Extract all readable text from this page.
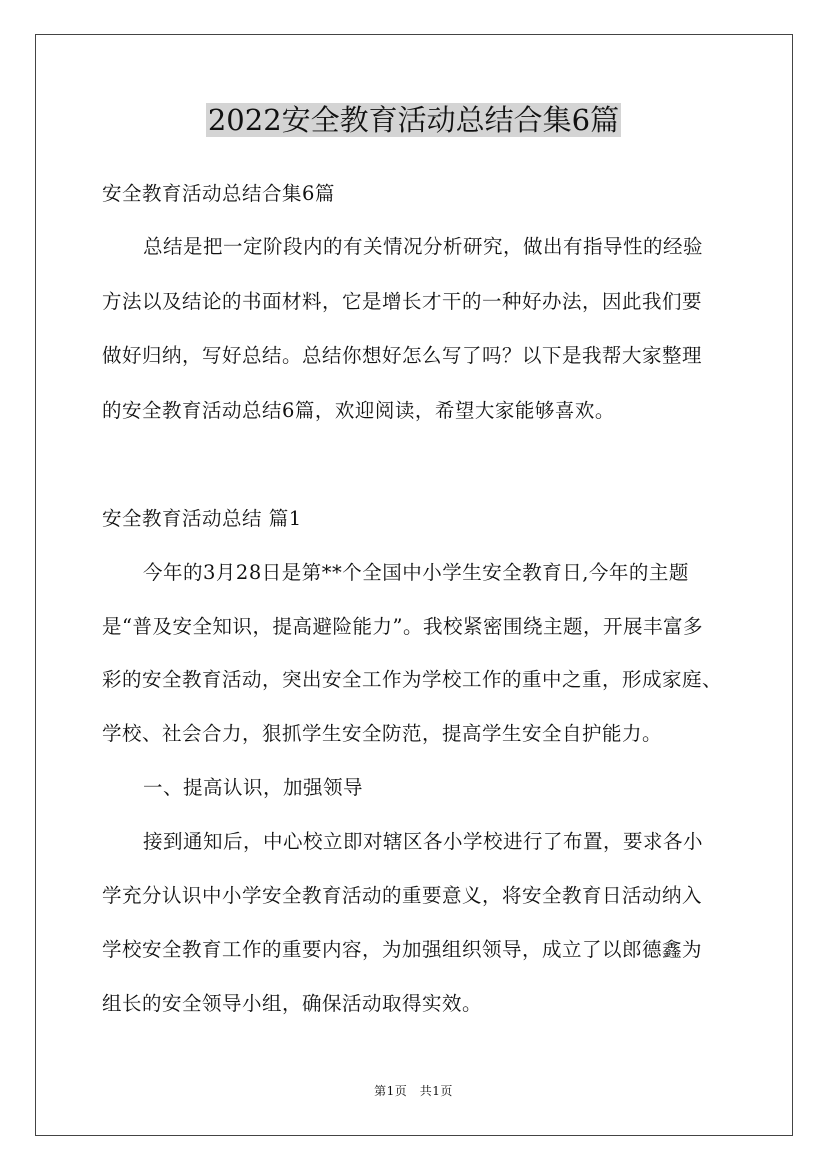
2022安全教育活动总结合集6篇
安全教育活动总结合集6篇
总结是把一定阶段内的有关情况分析研究，做出有指导性的经验
方法以及结论的书面材料，它是增长才干的一种好办法，因此我们要
做好归纳，写好总结。总结你想好怎么写了吗？以下是我帮大家整理
的安全教育活动总结6篇，欢迎阅读，希望大家能够喜欢。
安全教育活动总结 篇1
今年的3月28日是第**个全国中小学生安全教育日,今年的主题
是“普及安全知识，提高避险能力”。我校紧密围绕主题，开展丰富多
彩的安全教育活动，突出安全工作为学校工作的重中之重，形成家庭、
学校、社会合力，狠抓学生安全防范，提高学生安全自护能力。
一、提高认识，加强领导
接到通知后，中心校立即对辖区各小学校进行了布置，要求各小
学充分认识中小学安全教育活动的重要意义，将安全教育日活动纳入
学校安全教育工作的重要内容，为加强组织领导，成立了以郎德鑫为
组长的安全领导小组，确保活动取得实效。
第1页　共1页
